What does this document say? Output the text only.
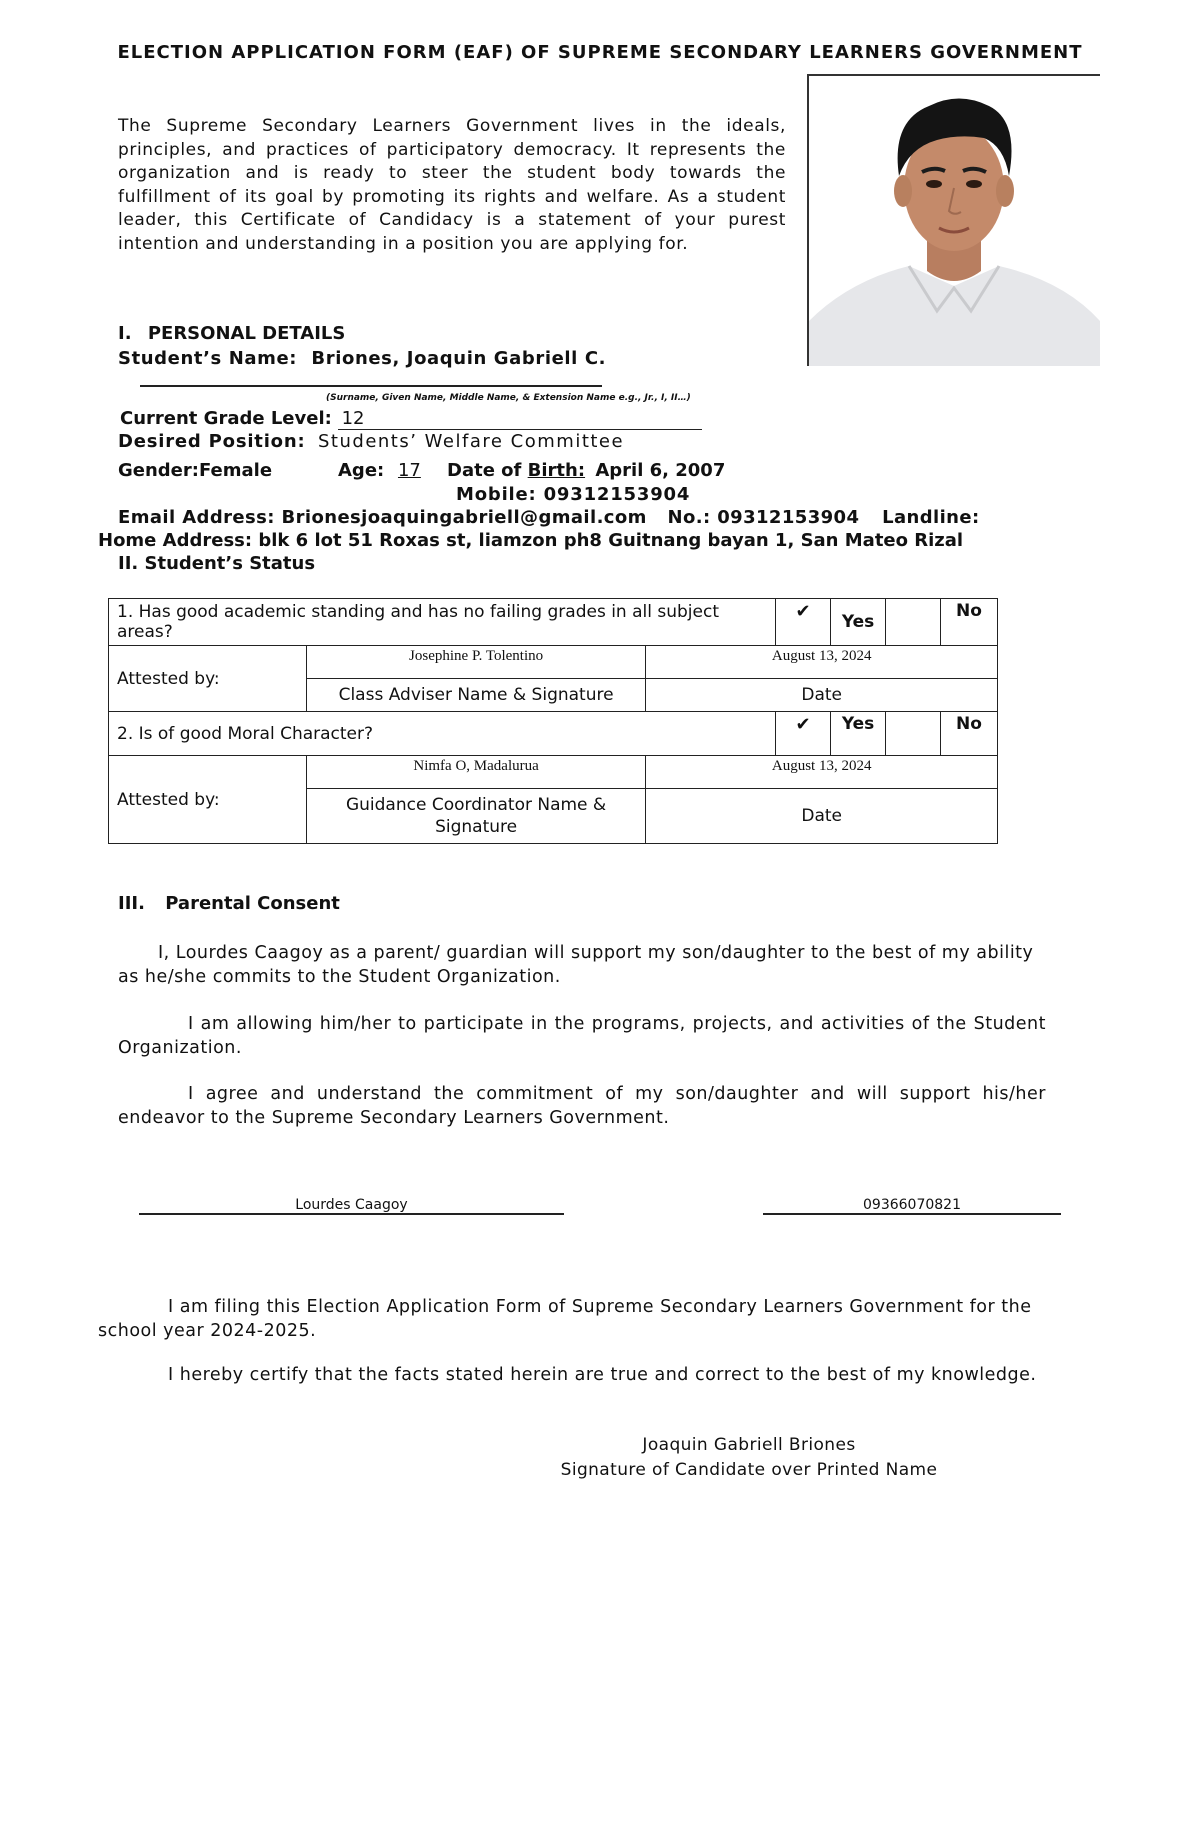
ELECTION APPLICATION FORM (EAF) OF SUPREME SECONDARY LEARNERS GOVERNMENT
The Supreme Secondary Learners Government lives in the ideals, principles, and practices of participatory democracy. It represents the organization and is ready to steer the student body towards the fulfillment of its goal by promoting its rights and welfare. As a student leader, this Certificate of Candidacy is a statement of your purest intention and understanding in a position you are applying for.
I. PERSONAL DETAILS
Student’s Name: Briones, Joaquin Gabriell C.
(Surname, Given Name, Middle Name, & Extension Name e.g., Jr., I, II…)
Current Grade Level: 12
Desired Position: Students’ Welfare Committee
Gender:Female	Age: 17 Date of Birth: April 6, 2007
Mobile: 09312153904
Email Address: Brionesjoaquingabriell@gmail.com No.: 09312153904 Landline:
Home Address: blk 6 lot 51 Roxas st, liamzon ph8 Guitnang bayan 1, San Mateo Rizal
II. Student’s Status
1. Has good academic standing and has no failing grades in all subject areas?			✔	Yes		No
Attested by:	Josephine P. Tolentino	August 13, 2024				
	Class Adviser Name & Signature	Date				
2. Is of good Moral Character?			✔	Yes		No
Attested by:	Nimfa O, Madalurua	August 13, 2024				
	Guidance Coordinator Name & Signature	Date				
III. Parental Consent
I, Lourdes Caagoy as a parent/ guardian will support my son/daughter to the best of my ability as he/she commits to the Student Organization.
I am allowing him/her to participate in the programs, projects, and activities of the Student Organization.
I agree and understand the commitment of my son/daughter and will support his/her endeavor to the Supreme Secondary Learners Government.
Lourdes Caagoy	09366070821
I am filing this Election Application Form of Supreme Secondary Learners Government for the school year 2024-2025.
I hereby certify that the facts stated herein are true and correct to the best of my knowledge.
Joaquin Gabriell Briones
Signature of Candidate over Printed Name
